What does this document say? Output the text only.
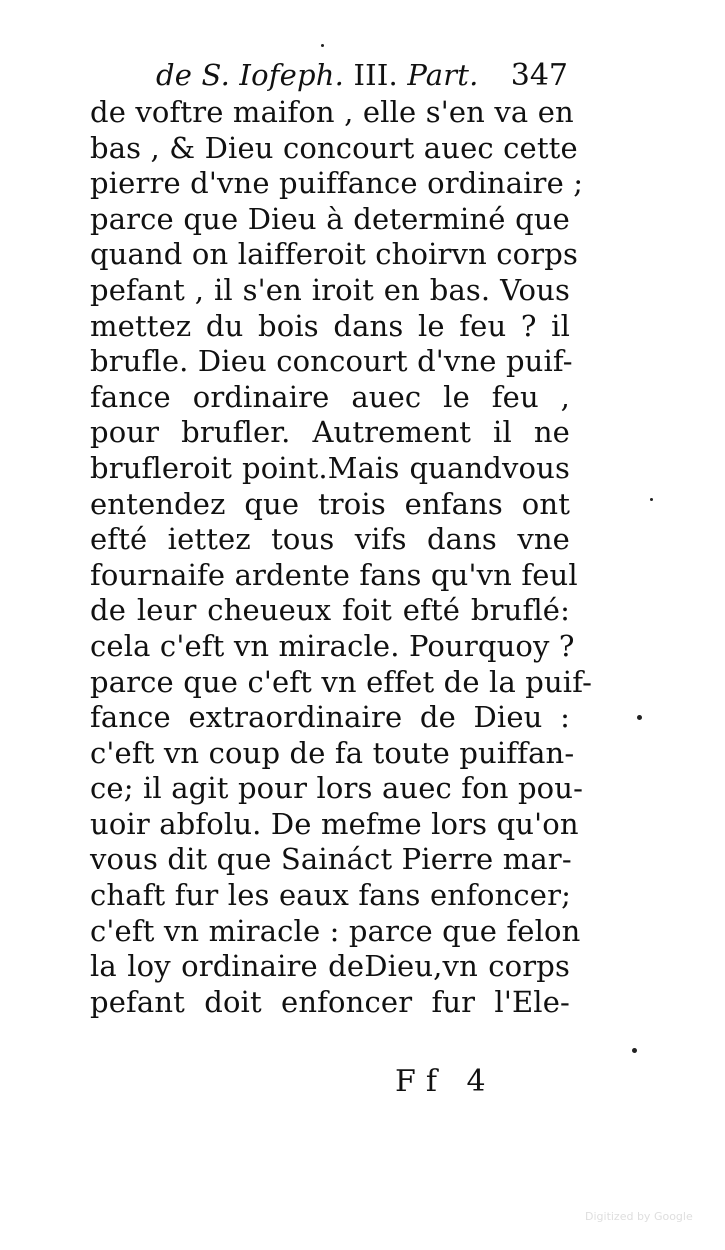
de S. Iofeph. III. Part. 347
de voftre maifon , elle s'en va en
bas , & Dieu concourt auec cette
pierre d'vne puiffance ordinaire ;
parce que Dieu à determiné que
quand on laifferoit choirvn corps
pefant , il s'en iroit en bas. Vous
mettez du bois dans le feu ? il
brufle. Dieu concourt d'vne puif-
fance ordinaire auec le feu ,
pour brufler. Autrement il ne
brufleroit point.Mais quandvous
entendez que trois enfans ont
efté iettez tous vifs dans vne
fournaife ardente fans qu'vn feul
de leur cheueux foit efté bruflé:
cela c'eft vn miracle. Pourquoy ?
parce que c'eft vn effet de la puif-
fance extraordinaire de Dieu :
c'eft vn coup de fa toute puiffan-
ce; il agit pour lors auec fon pou-
uoir abfolu. De mefme lors qu'on
vous dit que Saináct Pierre mar-
chaft fur les eaux fans enfoncer;
c'eft vn miracle : parce que felon
la loy ordinaire deDieu,vn corps
pefant doit enfoncer fur l'Ele-
Ff 4
Digitized by Google
